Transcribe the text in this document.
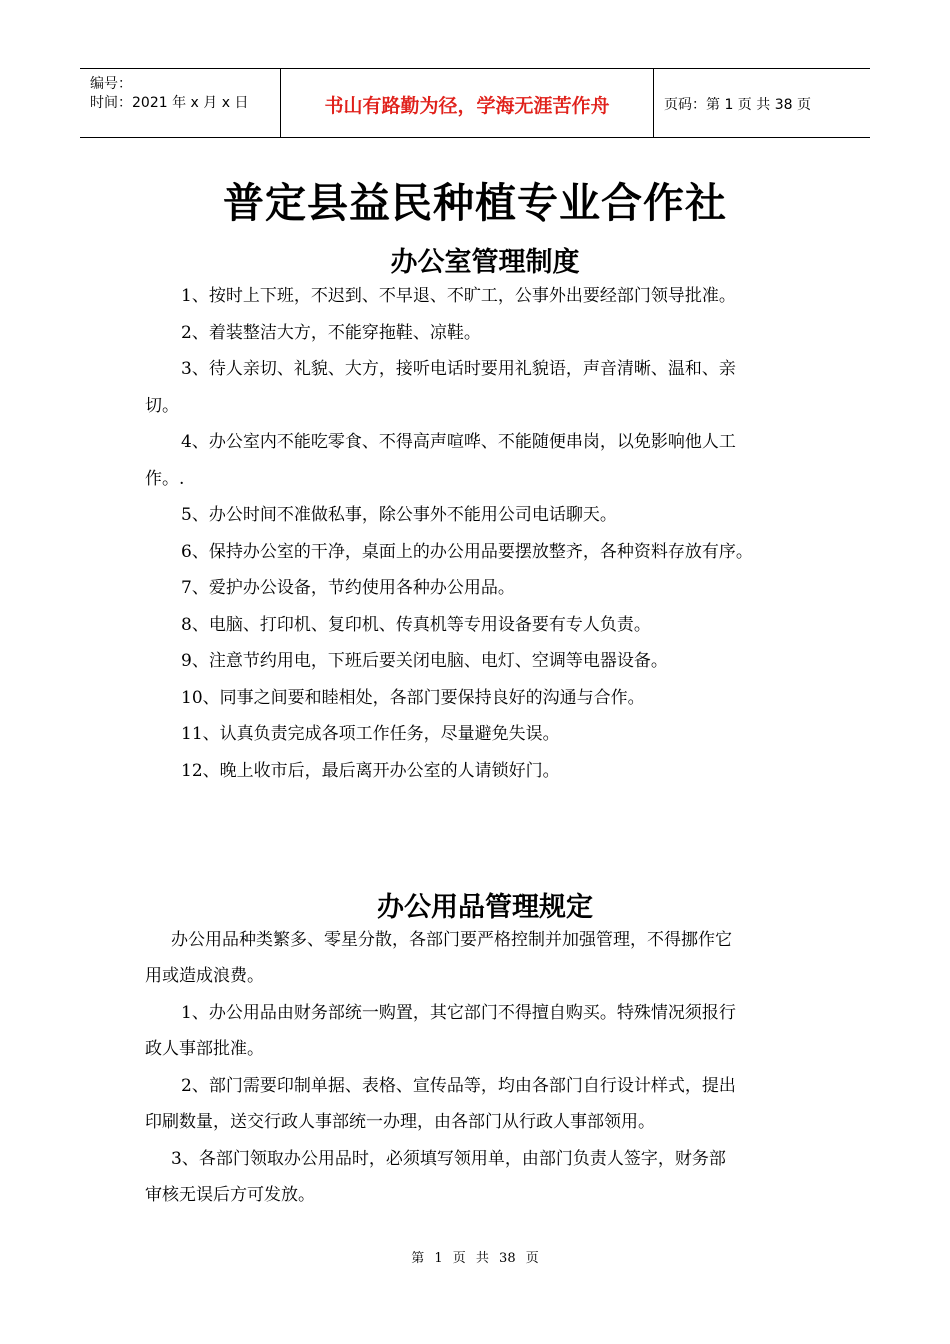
编号：
时间：2021 年 x 月 x 日	书山有路勤为径，学海无涯苦作舟	页码：第 1 页 共 38 页
普定县益民种植专业合作社
办公室管理制度

1、按时上下班，不迟到、不早退、不旷工，公事外出要经部门领导批准。

2、着装整洁大方，不能穿拖鞋、凉鞋。

3、待人亲切、礼貌、大方，接听电话时要用礼貌语，声音清晰、温和、亲

切。

4、办公室内不能吃零食、不得高声喧哗、不能随便串岗，以免影响他人工

作。.

5、办公时间不准做私事，除公事外不能用公司电话聊天。

6、保持办公室的干净，桌面上的办公用品要摆放整齐，各种资料存放有序。

7、爱护办公设备，节约使用各种办公用品。

8、电脑、打印机、复印机、传真机等专用设备要有专人负责。

9、注意节约用电，下班后要关闭电脑、电灯、空调等电器设备。

10、同事之间要和睦相处，各部门要保持良好的沟通与合作。

11、认真负责完成各项工作任务，尽量避免失误。

12、晚上收市后，最后离开办公室的人请锁好门。

办公用品管理规定

办公用品种类繁多、零星分散，各部门要严格控制并加强管理，不得挪作它

用或造成浪费。

1、办公用品由财务部统一购置，其它部门不得擅自购买。特殊情况须报行

政人事部批准。

2、部门需要印制单据、表格、宣传品等，均由各部门自行设计样式，提出

印刷数量，送交行政人事部统一办理，由各部门从行政人事部领用。

3、各部门领取办公用品时，必须填写领用单，由部门负责人签字，财务部

审核无误后方可发放。

第 1 页 共 38 页
